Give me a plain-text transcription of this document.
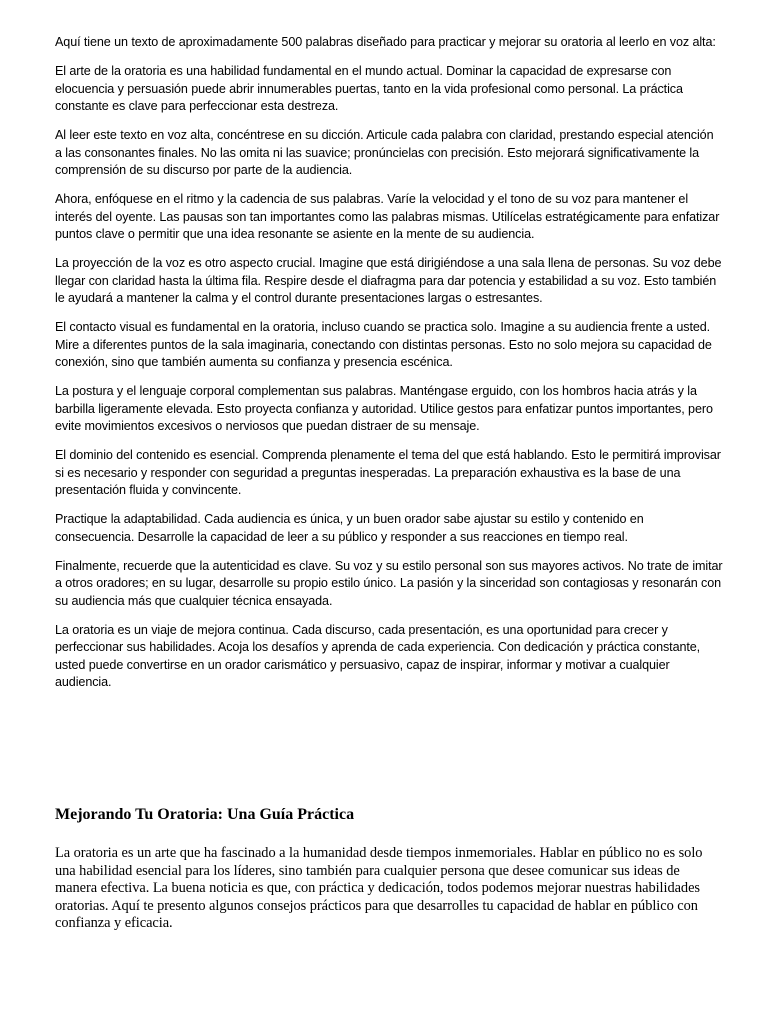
Aquí tiene un texto de aproximadamente 500 palabras diseñado para practicar y mejorar su oratoria al leerlo en voz alta:

El arte de la oratoria es una habilidad fundamental en el mundo actual. Dominar la capacidad de expresarse con elocuencia y persuasión puede abrir innumerables puertas, tanto en la vida profesional como personal. La práctica constante es clave para perfeccionar esta destreza.

Al leer este texto en voz alta, concéntrese en su dicción. Articule cada palabra con claridad, prestando especial atención a las consonantes finales. No las omita ni las suavice; pronúncielas con precisión. Esto mejorará significativamente la comprensión de su discurso por parte de la audiencia.

Ahora, enfóquese en el ritmo y la cadencia de sus palabras. Varíe la velocidad y el tono de su voz para mantener el interés del oyente. Las pausas son tan importantes como las palabras mismas. Utilícelas estratégicamente para enfatizar puntos clave o permitir que una idea resonante se asiente en la mente de su audiencia.

La proyección de la voz es otro aspecto crucial. Imagine que está dirigiéndose a una sala llena de personas. Su voz debe llegar con claridad hasta la última fila. Respire desde el diafragma para dar potencia y estabilidad a su voz. Esto también le ayudará a mantener la calma y el control durante presentaciones largas o estresantes.

El contacto visual es fundamental en la oratoria, incluso cuando se practica solo. Imagine a su audiencia frente a usted. Mire a diferentes puntos de la sala imaginaria, conectando con distintas personas. Esto no solo mejora su capacidad de conexión, sino que también aumenta su confianza y presencia escénica.

La postura y el lenguaje corporal complementan sus palabras. Manténgase erguido, con los hombros hacia atrás y la barbilla ligeramente elevada. Esto proyecta confianza y autoridad. Utilice gestos para enfatizar puntos importantes, pero evite movimientos excesivos o nerviosos que puedan distraer de su mensaje.

El dominio del contenido es esencial. Comprenda plenamente el tema del que está hablando. Esto le permitirá improvisar si es necesario y responder con seguridad a preguntas inesperadas. La preparación exhaustiva es la base de una presentación fluida y convincente.

Practique la adaptabilidad. Cada audiencia es única, y un buen orador sabe ajustar su estilo y contenido en consecuencia. Desarrolle la capacidad de leer a su público y responder a sus reacciones en tiempo real.

Finalmente, recuerde que la autenticidad es clave. Su voz y su estilo personal son sus mayores activos. No trate de imitar a otros oradores; en su lugar, desarrolle su propio estilo único. La pasión y la sinceridad son contagiosas y resonarán con su audiencia más que cualquier técnica ensayada.

La oratoria es un viaje de mejora continua. Cada discurso, cada presentación, es una oportunidad para crecer y perfeccionar sus habilidades. Acoja los desafíos y aprenda de cada experiencia. Con dedicación y práctica constante, usted puede convertirse en un orador carismático y persuasivo, capaz de inspirar, informar y motivar a cualquier audiencia.

Mejorando Tu Oratoria: Una Guía Práctica

La oratoria es un arte que ha fascinado a la humanidad desde tiempos inmemoriales. Hablar en público no es solo una habilidad esencial para los líderes, sino también para cualquier persona que desee comunicar sus ideas de manera efectiva. La buena noticia es que, con práctica y dedicación, todos podemos mejorar nuestras habilidades oratorias. Aquí te presento algunos consejos prácticos para que desarrolles tu capacidad de hablar en público con confianza y eficacia.
